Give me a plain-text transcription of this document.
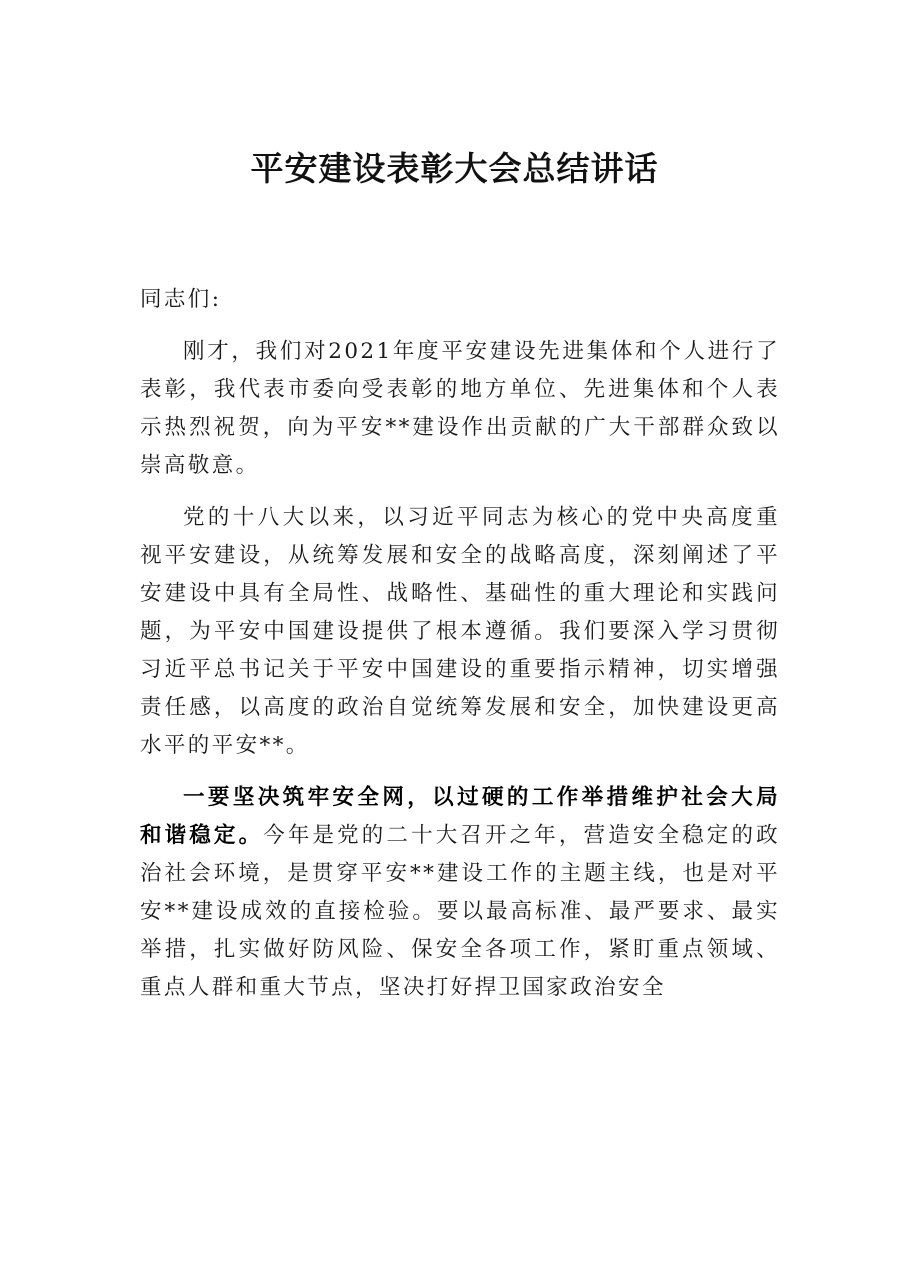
平安建设表彰大会总结讲话

同志们:

刚才，我们对2021年度平安建设先进集体和个人进行了表彰，我代表市委向受表彰的地方单位、先进集体和个人表示热烈祝贺，向为平安**建设作出贡献的广大干部群众致以崇高敬意。

党的十八大以来，以习近平同志为核心的党中央高度重视平安建设，从统筹发展和安全的战略高度，深刻阐述了平安建设中具有全局性、战略性、基础性的重大理论和实践问题，为平安中国建设提供了根本遵循。我们要深入学习贯彻习近平总书记关于平安中国建设的重要指示精神，切实增强责任感，以高度的政治自觉统筹发展和安全，加快建设更高水平的平安**。

一要坚决筑牢安全网，以过硬的工作举措维护社会大局和谐稳定。今年是党的二十大召开之年，营造安全稳定的政治社会环境，是贯穿平安**建设工作的主题主线，也是对平安**建设成效的直接检验。要以最高标准、最严要求、最实举措，扎实做好防风险、保安全各项工作，紧盯重点领域、重点人群和重大节点，坚决打好捍卫国家政治安全
